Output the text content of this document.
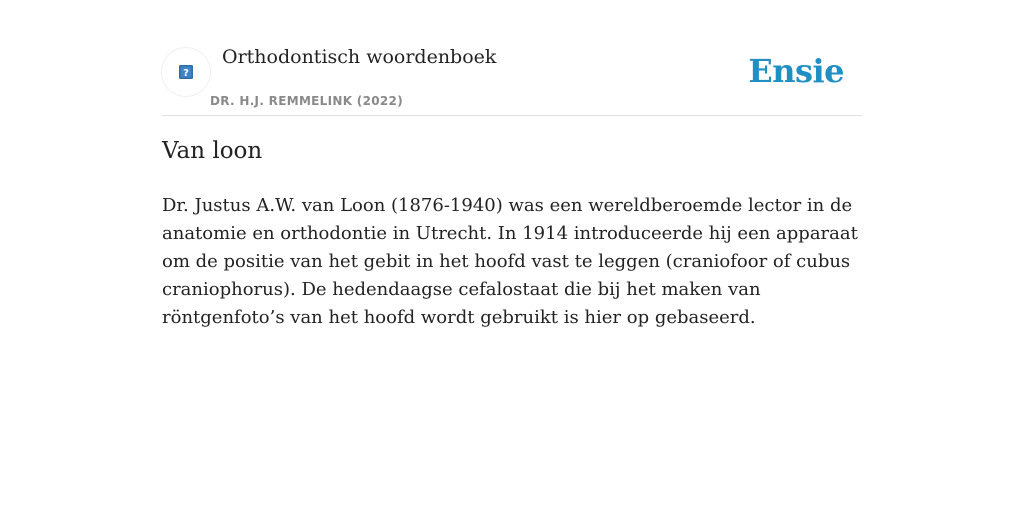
?
Orthodontisch woordenboek
DR. H.J. REMMELINK (2022)
Ensie
Van loon

Dr. Justus A.W. van Loon (1876-1940) was een wereldberoemde lector in de anatomie en orthodontie in Utrecht. In 1914 introduceerde hij een apparaat om de positie van het gebit in het hoofd vast te leggen (craniofoor of cubus craniophorus). De hedendaagse cefalostaat die bij het maken van röntgenfoto’s van het hoofd wordt gebruikt is hier op gebaseerd.
